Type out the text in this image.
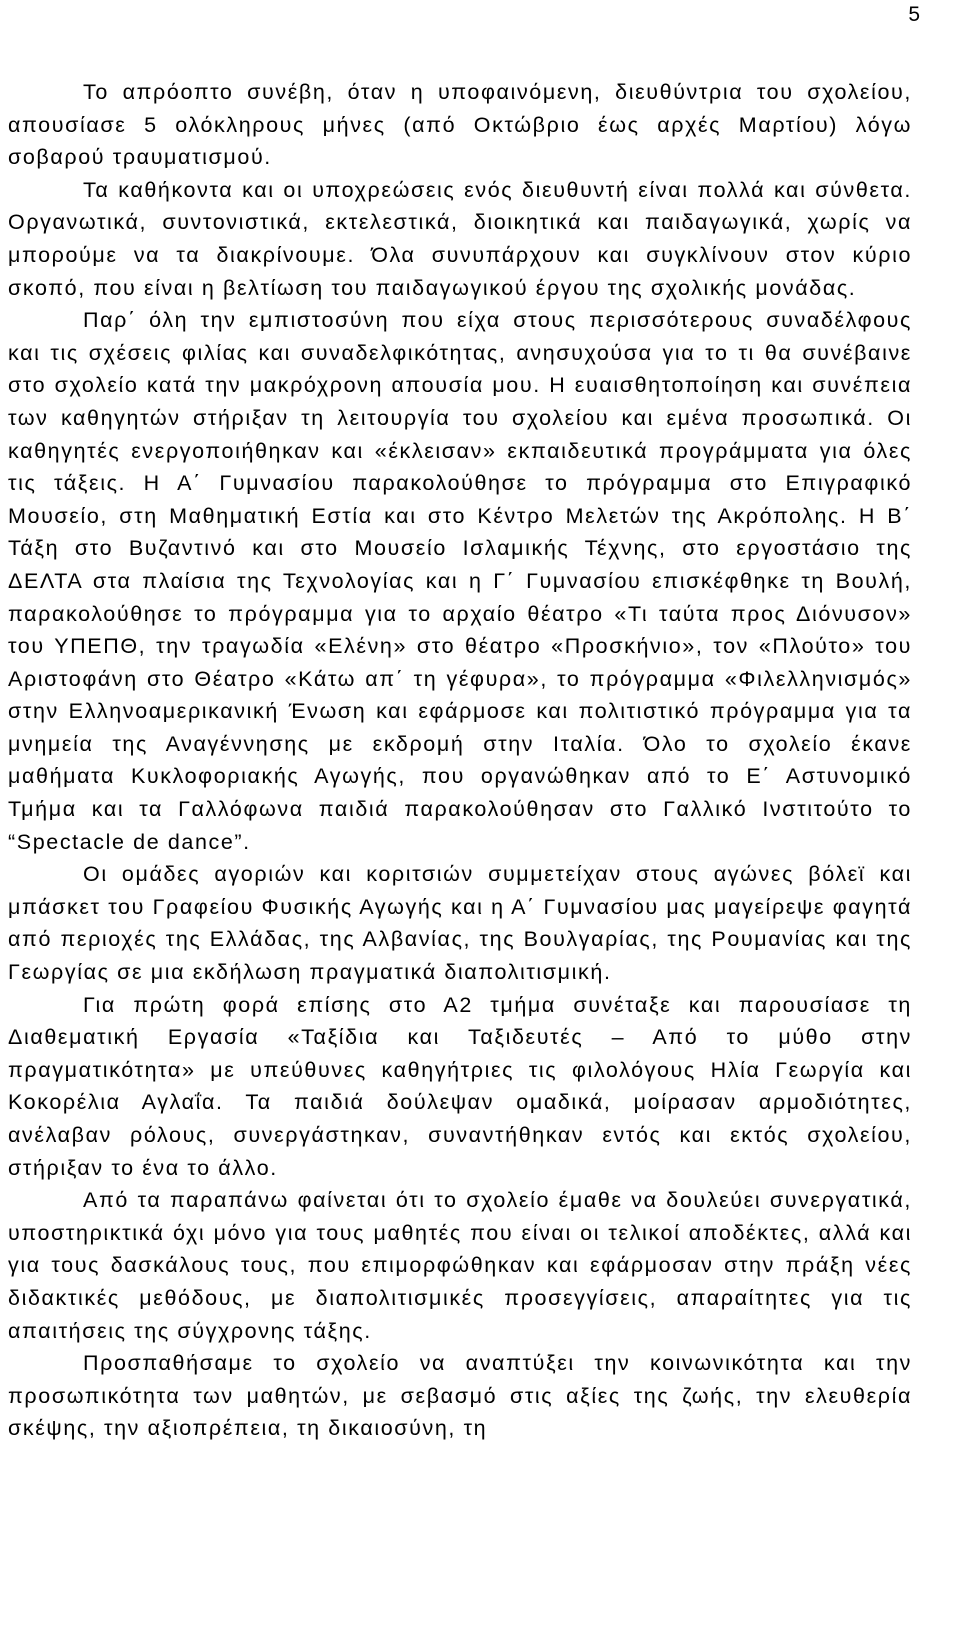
5

Το απρόοπτο συνέβη, όταν η υποφαινόμενη, διευθύντρια του σχολείου, απουσίασε 5 ολόκληρους μήνες (από Οκτώβριο έως αρχές Μαρτίου) λόγω σοβαρού τραυματισμού.

Τα καθήκοντα και οι υποχρεώσεις ενός διευθυντή είναι πολλά και σύνθετα. Οργανωτικά, συντονιστικά, εκτελεστικά, διοικητικά και παιδαγωγικά, χωρίς να μπορούμε να τα διακρίνουμε. Όλα συνυπάρχουν και συγκλίνουν στον κύριο σκοπό, που είναι η βελτίωση του παιδαγωγικού έργου της σχολικής μονάδας.

Παρ΄ όλη την εμπιστοσύνη που είχα στους περισσότερους συναδέλφους και τις σχέσεις φιλίας και συναδελφικότητας, ανησυχούσα για το τι θα συνέβαινε στο σχολείο κατά την μακρόχρονη απουσία μου. Η ευαισθητοποίηση και συνέπεια των καθηγητών στήριξαν τη λειτουργία του σχολείου και εμένα προσωπικά. Οι καθηγητές ενεργοποιήθηκαν και «έκλεισαν» εκπαιδευτικά προγράμματα για όλες τις τάξεις. Η Α΄ Γυμνασίου παρακολούθησε το πρόγραμμα στο Επιγραφικό Μουσείο, στη Μαθηματική Εστία και στο Κέντρο Μελετών της Ακρόπολης. Η Β΄ Τάξη στο Βυζαντινό και στο Μουσείο Ισλαμικής Τέχνης, στο εργοστάσιο της ΔΕΛΤΑ στα πλαίσια της Τεχνολογίας και η Γ΄ Γυμνασίου επισκέφθηκε τη Βουλή, παρακολούθησε το πρόγραμμα για το αρχαίο θέατρο «Τι ταύτα προς Διόνυσον» του ΥΠΕΠΘ, την τραγωδία «Ελένη» στο θέατρο «Προσκήνιο», τον «Πλούτο» του Αριστοφάνη στο Θέατρο «Κάτω απ΄ τη γέφυρα», το πρόγραμμα «Φιλελληνισμός» στην Ελληνοαμερικανική Ένωση και εφάρμοσε και πολιτιστικό πρόγραμμα για τα μνημεία της Αναγέννησης με εκδρομή στην Ιταλία. Όλο το σχολείο έκανε μαθήματα Κυκλοφοριακής Αγωγής, που οργανώθηκαν από το Ε΄ Αστυνομικό Τμήμα και τα Γαλλόφωνα παιδιά παρακολούθησαν στο Γαλλικό Ινστιτούτο το “Spectacle de dance”.

Οι ομάδες αγοριών και κοριτσιών συμμετείχαν στους αγώνες βόλεϊ και μπάσκετ του Γραφείου Φυσικής Αγωγής και η Α΄ Γυμνασίου μας μαγείρεψε φαγητά από περιοχές της Ελλάδας, της Αλβανίας, της Βουλγαρίας, της Ρουμανίας και της Γεωργίας σε μια εκδήλωση πραγματικά διαπολιτισμική.

Για πρώτη φορά επίσης στο Α2 τμήμα συνέταξε και παρουσίασε τη Διαθεματική Εργασία «Ταξίδια και Ταξιδευτές – Από το μύθο στην πραγματικότητα» με υπεύθυνες καθηγήτριες τις φιλολόγους Ηλία Γεωργία και Κοκορέλια Αγλαΐα. Τα παιδιά δούλεψαν ομαδικά, μοίρασαν αρμοδιότητες, ανέλαβαν ρόλους, συνεργάστηκαν, συναντήθηκαν εντός και εκτός σχολείου, στήριξαν το ένα το άλλο.

Από τα παραπάνω φαίνεται ότι το σχολείο έμαθε να δουλεύει συνεργατικά, υποστηρικτικά όχι μόνο για τους μαθητές που είναι οι τελικοί αποδέκτες, αλλά και για τους δασκάλους τους, που επιμορφώθηκαν και εφάρμοσαν στην πράξη νέες διδακτικές μεθόδους, με διαπολιτισμικές προσεγγίσεις, απαραίτητες για τις απαιτήσεις της σύγχρονης τάξης.

Προσπαθήσαμε το σχολείο να αναπτύξει την κοινωνικότητα και την προσωπικότητα των μαθητών, με σεβασμό στις αξίες της ζωής, την ελευθερία σκέψης, την αξιοπρέπεια, τη δικαιοσύνη, τη
